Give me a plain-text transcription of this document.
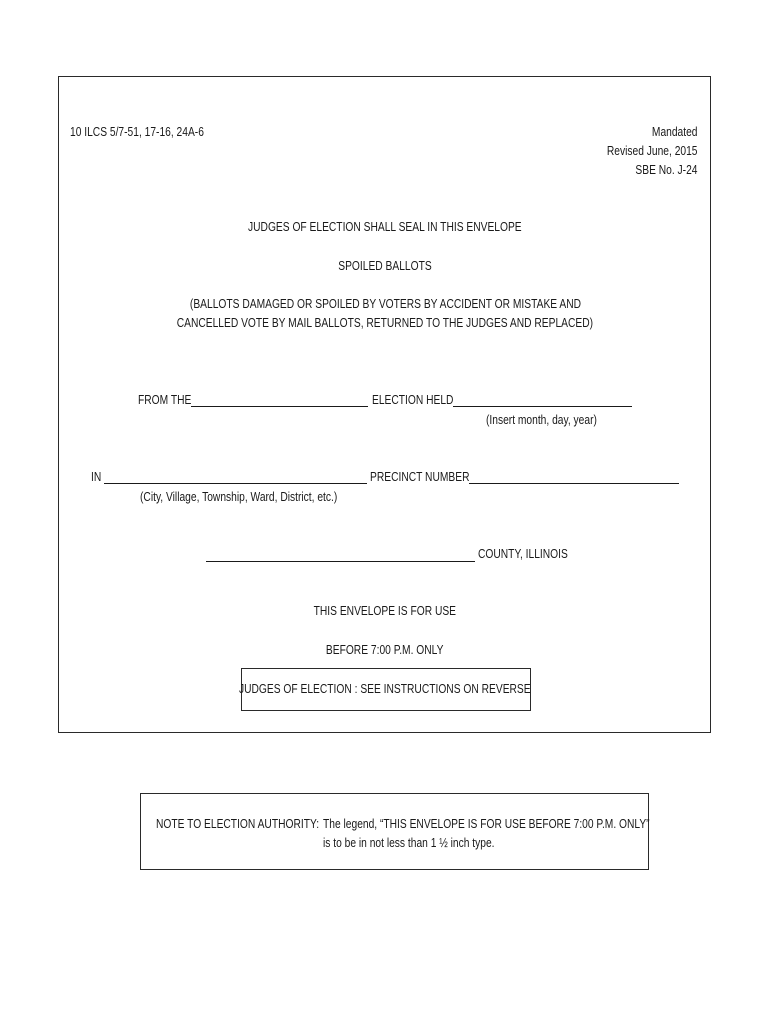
10 ILCS 5/7-51, 17-16, 24A-6	Mandated
Revised June, 2015
SBE No. J-24
JUDGES OF ELECTION SHALL SEAL IN THIS ENVELOPE
SPOILED BALLOTS
(BALLOTS DAMAGED OR SPOILED BY VOTERS BY ACCIDENT OR MISTAKE AND
CANCELLED VOTE BY MAIL BALLOTS, RETURNED TO THE JUDGES AND REPLACED)
FROM THE	ELECTION HELD
(Insert month, day, year)
IN	PRECINCT NUMBER
(City, Village, Township, Ward, District, etc.)
COUNTY, ILLINOIS
THIS ENVELOPE IS FOR USE
BEFORE 7:00 P.M. ONLY
JUDGES OF ELECTION : SEE INSTRUCTIONS ON REVERSE
NOTE TO ELECTION AUTHORITY: The legend, “THIS ENVELOPE IS FOR USE BEFORE 7:00 P.M. ONLY”
is to be in not less than 1 ½ inch type.
